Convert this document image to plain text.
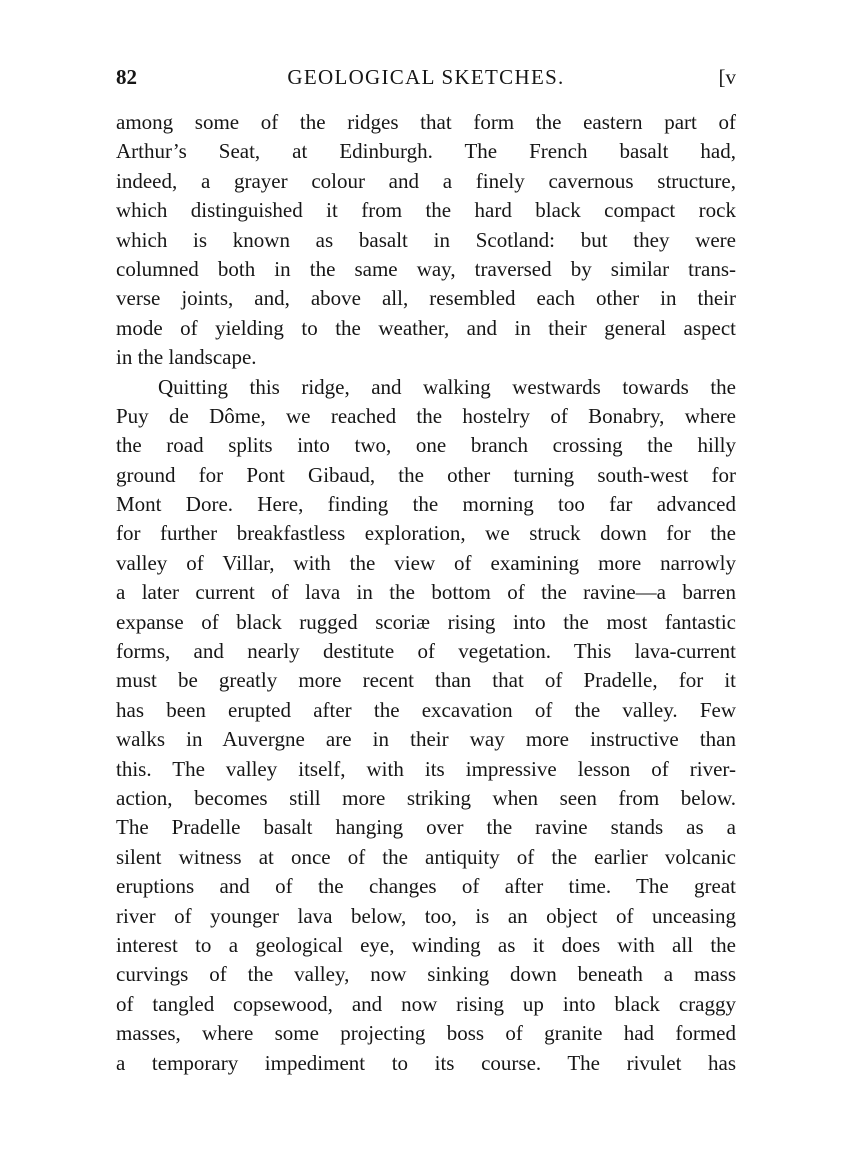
82	GEOLOGICAL SKETCHES.	[v
among some of the ridges that form the eastern part of
Arthur’s Seat, at Edinburgh. The French basalt had,
indeed, a grayer colour and a finely cavernous structure,
which distinguished it from the hard black compact rock
which is known as basalt in Scotland: but they were
columned both in the same way, traversed by similar trans-
verse joints, and, above all, resembled each other in their
mode of yielding to the weather, and in their general aspect
in the landscape.
Quitting this ridge, and walking westwards towards the
Puy de Dôme, we reached the hostelry of Bonabry, where
the road splits into two, one branch crossing the hilly
ground for Pont Gibaud, the other turning south-west for
Mont Dore. Here, finding the morning too far advanced
for further breakfastless exploration, we struck down for the
valley of Villar, with the view of examining more narrowly
a later current of lava in the bottom of the ravine—a barren
expanse of black rugged scoriæ rising into the most fantastic
forms, and nearly destitute of vegetation. This lava-current
must be greatly more recent than that of Pradelle, for it
has been erupted after the excavation of the valley. Few
walks in Auvergne are in their way more instructive than
this. The valley itself, with its impressive lesson of river-
action, becomes still more striking when seen from below.
The Pradelle basalt hanging over the ravine stands as a
silent witness at once of the antiquity of the earlier volcanic
eruptions and of the changes of after time. The great
river of younger lava below, too, is an object of unceasing
interest to a geological eye, winding as it does with all the
curvings of the valley, now sinking down beneath a mass
of tangled copsewood, and now rising up into black craggy
masses, where some projecting boss of granite had formed
a temporary impediment to its course. The rivulet has
